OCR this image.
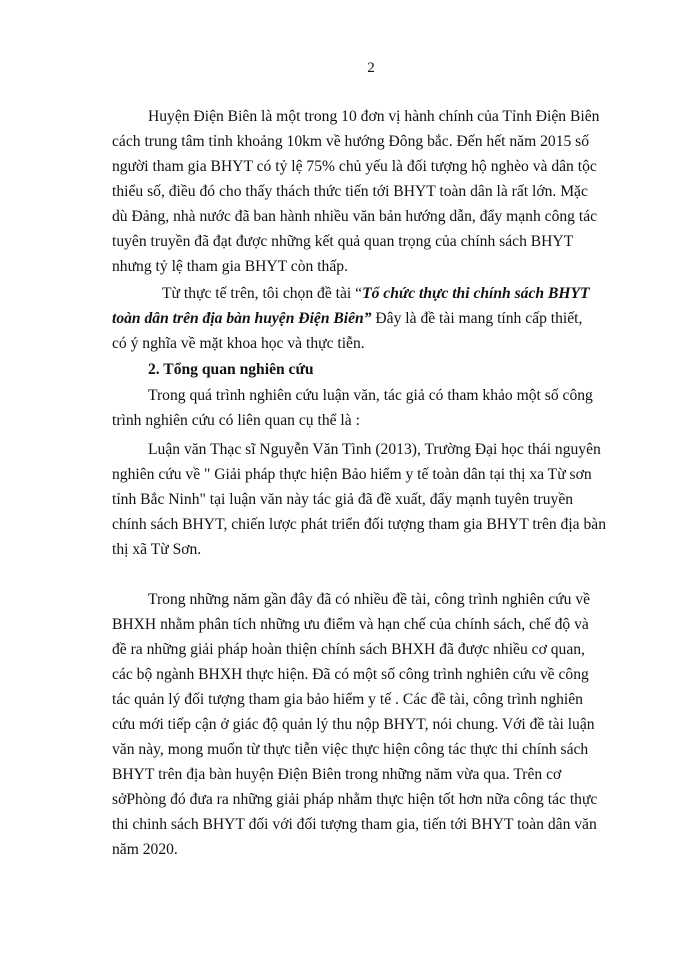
2
Huyện Điện Biên là một trong 10 đơn vị hành chính của Tỉnh Điện Biên
cách trung tâm tỉnh khoảng 10km về hướng Đông bắc. Đến hết năm 2015 số
người tham gia BHYT có tỷ lệ 75% chủ yếu là đối tượng hộ nghèo và dân tộc
thiểu số, điều đó cho thấy thách thức tiến tới BHYT toàn dân là rất lớn. Mặc
dù Đảng, nhà nước đã ban hành nhiều văn bản hướng dẫn, đẩy mạnh công tác
tuyên truyền đã đạt được những kết quả quan trọng của chính sách BHYT
nhưng tỷ lệ tham gia BHYT còn thấp.
Từ thực tế trên, tôi chọn đề tài “Tổ chức thực thi chính sách BHYT
toàn dân trên địa bàn huyện Điện Biên” Đây là đề tài mang tính cấp thiết,
có ý nghĩa về mặt khoa học và thực tiễn.
2. Tổng quan nghiên cứu
Trong quá trình nghiên cứu luận văn, tác giả có tham khảo một số công
trình nghiên cứu có liên quan cụ thể là :
Luận văn Thạc sĩ Nguyễn Văn Tình (2013), Trường Đại học thái nguyên
nghiên cứu về " Giải pháp thực hiện Bảo hiểm y tế toàn dân tại thị xa Từ sơn
tỉnh Bắc Ninh" tại luận văn này tác giả đã đề xuất, đẩy mạnh tuyên truyền
chính sách BHYT, chiến lược phát triển đối tượng tham gia BHYT trên địa bàn
thị xã Từ Sơn.
Trong những năm gần đây đã có nhiều đề tài, công trình nghiên cứu về
BHXH nhằm phân tích những ưu điểm và hạn chế của chính sách, chế độ và
đề ra những giải pháp hoàn thiện chính sách BHXH đã được nhiều cơ quan,
các bộ ngành BHXH thực hiện. Đã có một số công trình nghiên cứu về công
tác quản lý đối tượng tham gia bảo hiểm y tế . Các đề tài, công trình nghiên
cứu mới tiếp cận ở giác độ quản lý thu nộp BHYT, nói chung. Với đề tài luận
văn này, mong muốn từ thực tiễn việc thực hiện công tác thực thi chính sách
BHYT trên địa bàn huyện Điện Biên trong những năm vừa qua. Trên cơ
sởPhòng đó đưa ra những giải pháp nhằm thực hiện tốt hơn nữa công tác thực
thi chinh sách BHYT đối với đối tượng tham gia, tiến tới BHYT toàn dân văn
năm 2020.
